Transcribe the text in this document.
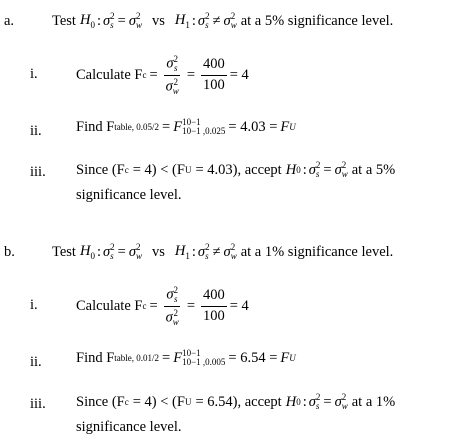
a.	Test $H_0$ : σ 2
s = σ 2
w vs $H_1$ : σ 2
s ≠ σ 2
w at a 5% significance level.
i.	Calculate F c = σ 2
s
σ 2
$w = \frac{400}{100} = 4$
ii. Find F table, 0.05/2 = F 10−1
10−1 ,0.025 = 4.03 = F U
iii. Since (F c = 4) < (F U = 4.03), accept H 0 : σ 2
s = σ 2
w at a 5%
significance level.
b.	Test $H_0$ : σ 2
s = σ 2
w vs $H_1$ : σ 2
s ≠ σ 2
w at a 1% significance level.
i.	Calculate F c = σ 2
s
σ 2
$w = \frac{400}{100} = 4$
ii. Find F table, 0.01/2 = F 10−1
10−1 ,0.005 = 6.54 = F U
iii. Since (F c = 4) < (F U = 6.54), accept H 0 : σ 2
s = σ 2
w at a 1%
significance level.
